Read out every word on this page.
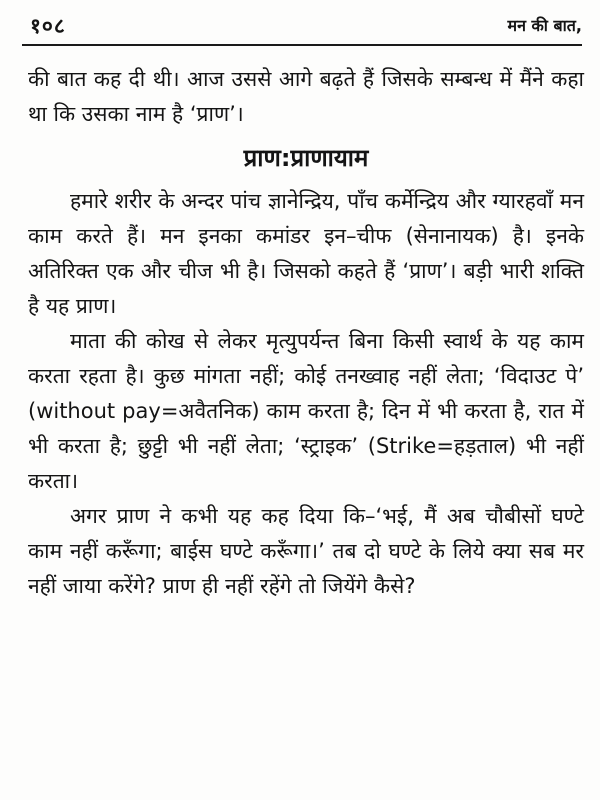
१०८	मन की बात,

की बात कह दी थी। आज उससे आगे बढ़ते हैं जिसके सम्बन्ध में मैंने कहा था कि उसका नाम है ‘प्राण’।

प्राण:प्राणायाम

हमारे शरीर के अन्दर पांच ज्ञानेन्द्रिय, पाँच कर्मेन्द्रिय और ग्यारहवाँ मन काम करते हैं। मन इनका कमांडर इन–चीफ (सेनानायक) है। इनके अतिरिक्त एक और चीज भी है। जिसको कहते हैं ‘प्राण’। बड़ी भारी शक्ति है यह प्राण।

माता की कोख से लेकर मृत्युपर्यन्त बिना किसी स्वार्थ के यह काम करता रहता है। कुछ मांगता नहीं; कोई तनख्वाह नहीं लेता; ‘विदाउट पे’ (without pay=अवैतनिक) काम करता है; दिन में भी करता है, रात में भी करता है; छुट्टी भी नहीं लेता; ‘स्ट्राइक’ (Strike=हड़ताल) भी नहीं करता।

अगर प्राण ने कभी यह कह दिया कि–‘भई, मैं अब चौबीसों घण्टे काम नहीं करूँगा; बाईस घण्टे करूँगा।’ तब दो घण्टे के लिये क्या सब मर नहीं जाया करेंगे? प्राण ही नहीं रहेंगे तो जियेंगे कैसे?
